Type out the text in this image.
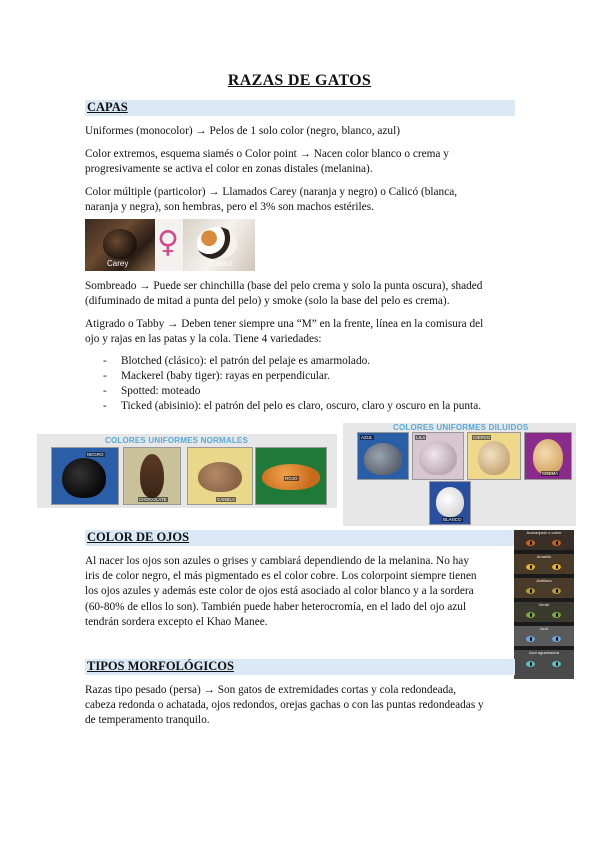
RAZAS DE GATOS
CAPAS
Uniformes (monocolor) → Pelos de 1 solo color (negro, blanco, azul)
Color extremos, esquema siamés o Color point → Nacen color blanco o crema y
progresivamente se activa el color en zonas distales (melanina).
Color múltiple (particolor) → Llamados Carey (naranja y negro) o Calicó (blanca,
naranja y negra), son hembras, pero el 3% son machos estériles.
Carey
♀
Calicó
Sombreado → Puede ser chinchilla (base del pelo crema y solo la punta oscura), shaded
(difuminado de mitad a punta del pelo) y smoke (solo la base del pelo es crema).
Atigrado o Tabby → Deben tener siempre una “M” en la frente, línea en la comisura del
ojo y rajas en las patas y la cola. Tiene 4 variedades:
- Blotched (clásico): el patrón del pelaje es amarmolado.
- Mackerel (baby tiger): rayas en perpendicular.
- Spotted: moteado
- Ticked (abisinio): el patrón del pelo es claro, oscuro, claro y oscuro en la punta.
COLORES UNIFORMES NORMALES
NEGRO
CHOCOLATE	CANELA
ROJO
COLORES UNIFORMES DILUIDOS
AZUL	LILA	CIERVO
CREMA
BLANCO
COLOR DE OJOS
Al nacer los ojos son azules o grises y cambiará dependiendo de la melanina. No hay
iris de color negro, el más pigmentado es el color cobre. Los colorpoint siempre tienen
los ojos azules y además este color de ojos está asociado al color blanco y a la sordera
(60-80% de ellos lo son). También puede haber heterocromía, en el lado del ojo azul
tendrán sordera excepto el Khao Manee.
Anaranjado o cobre
Amarillo
Avellana
Verde
Azul
Azul aguamarina
TIPOS MORFOLÓGICOS
Razas tipo pesado (persa) → Son gatos de extremidades cortas y cola redondeada,
cabeza redonda o achatada, ojos redondos, orejas gachas o con las puntas redondeadas y
de temperamento tranquilo.
